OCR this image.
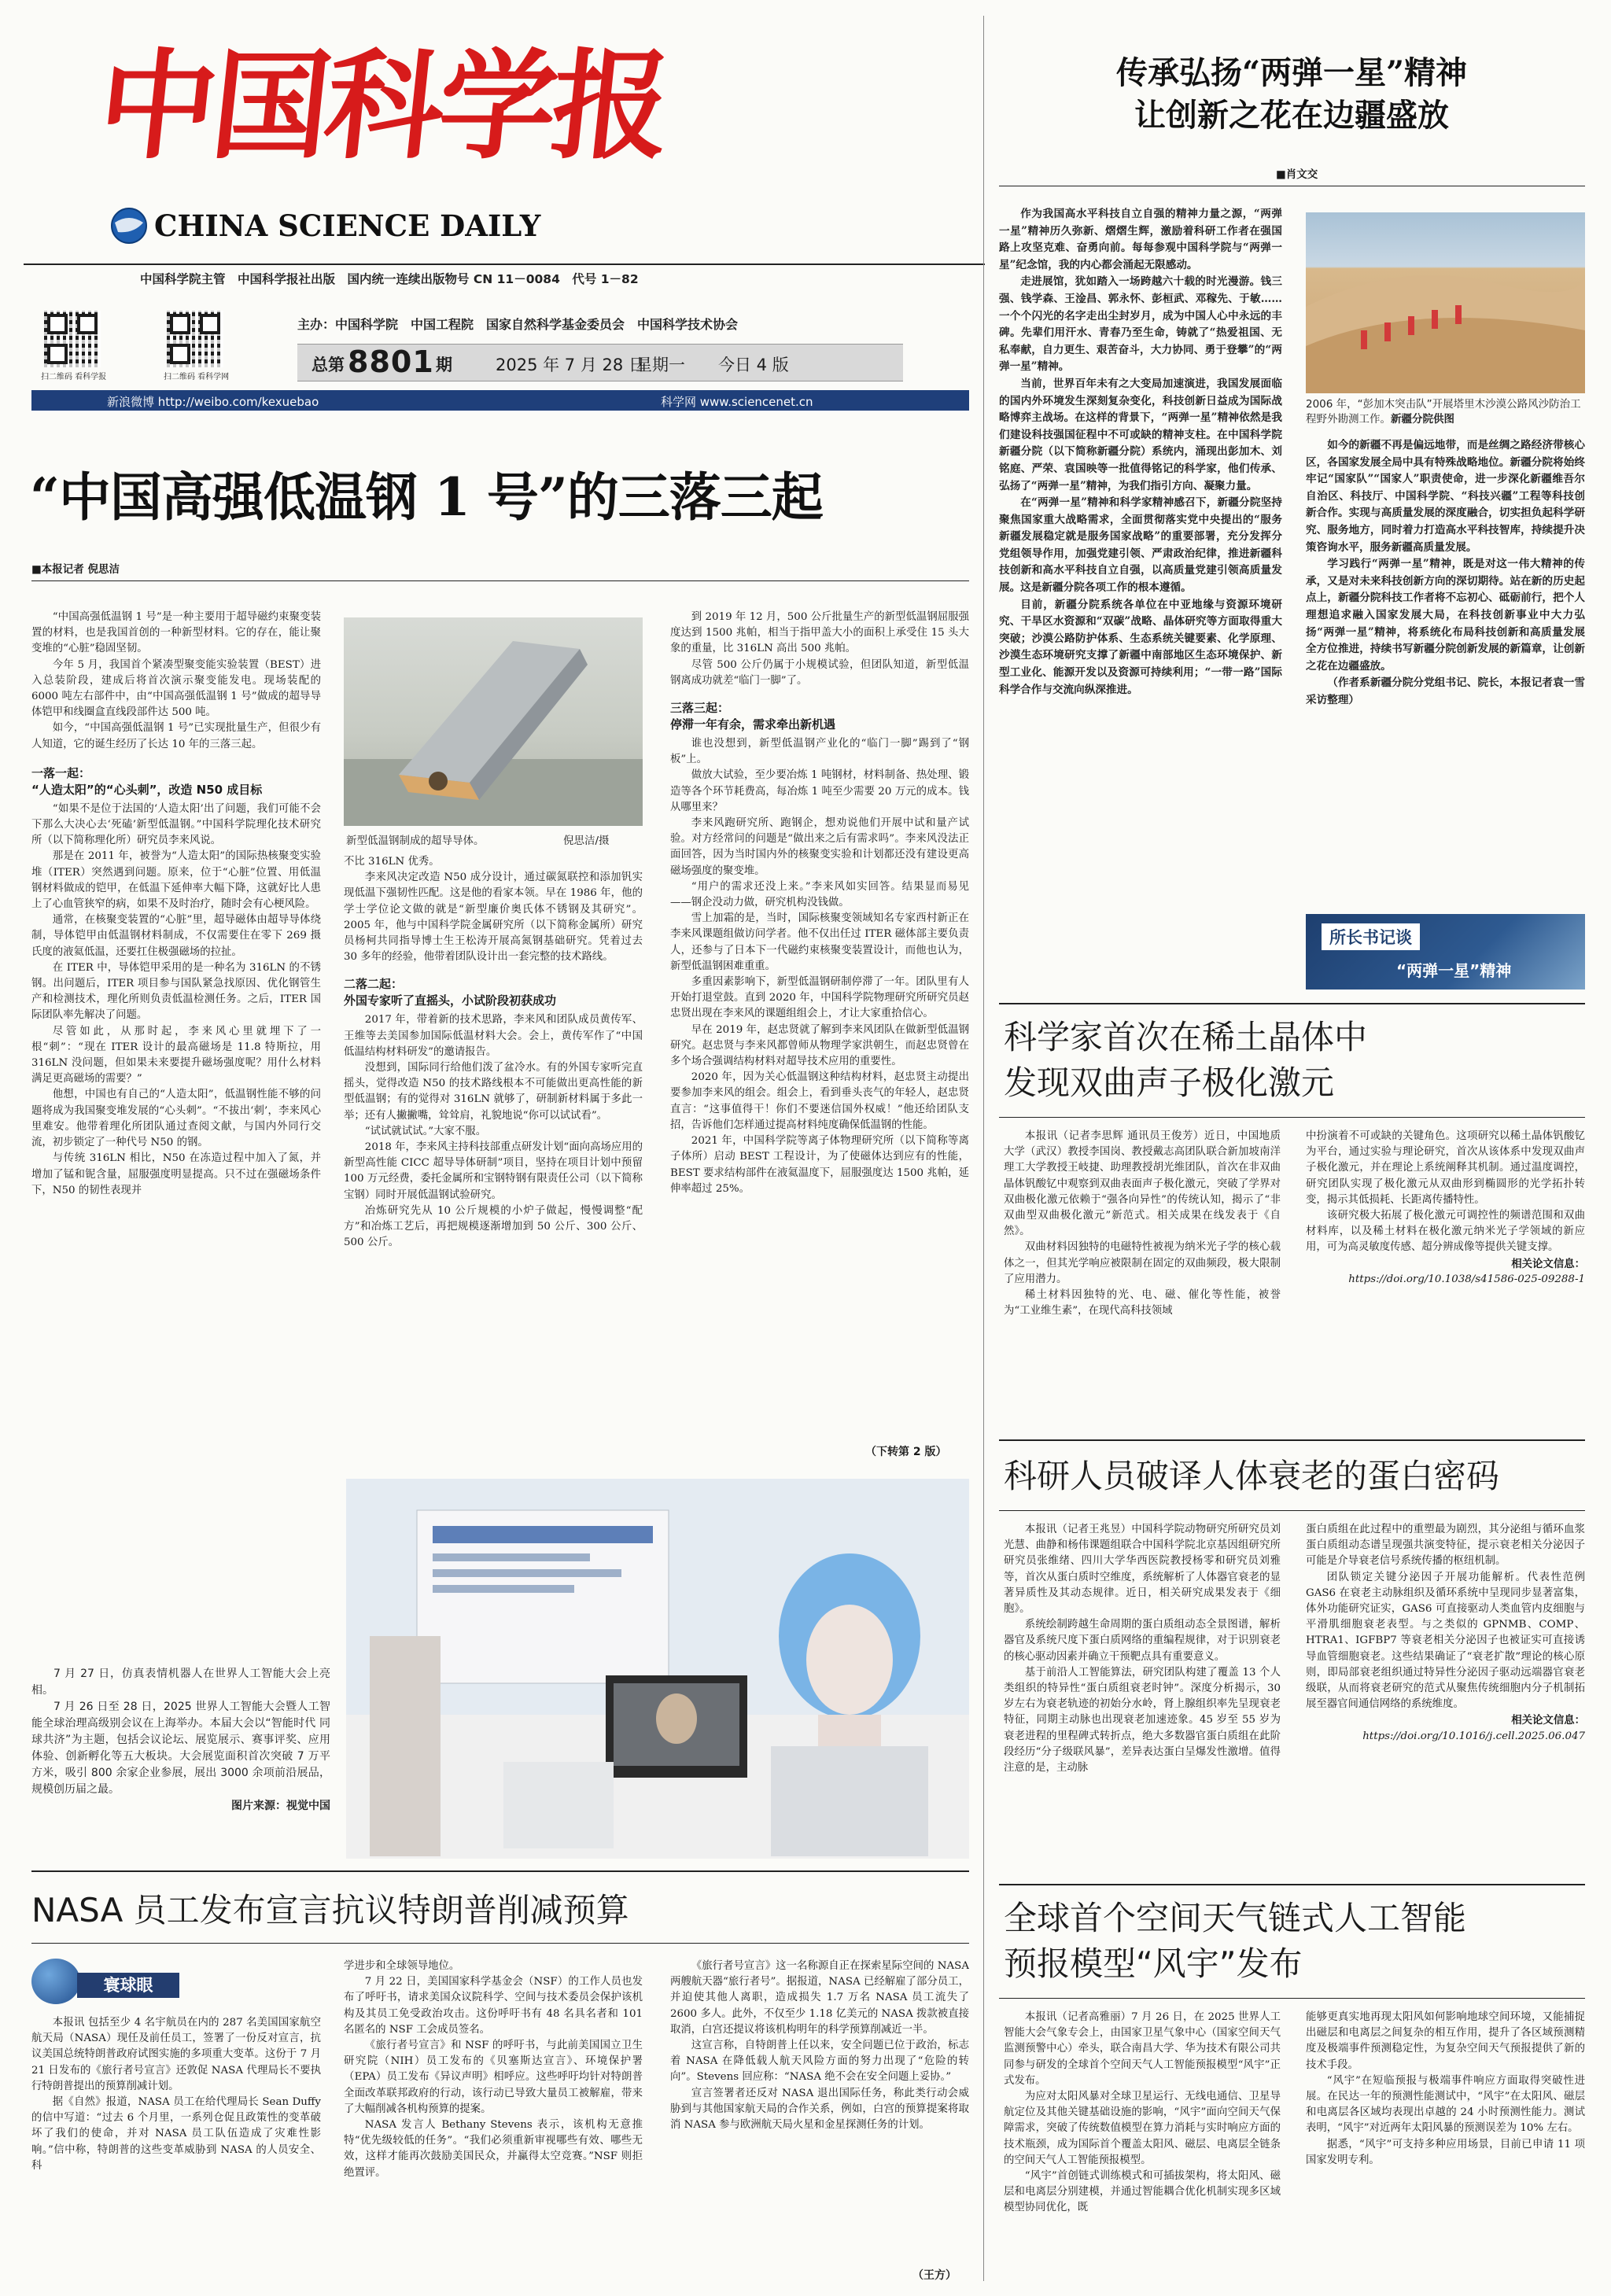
中国科学报
CHINA SCIENCE DAILY
中国科学院主管　中国科学报社出版　国内统一连续出版物号 CN 11－0084　代号 1－82
扫二维码 看科学报	扫二维码 看科学网
主办：中国科学院　中国工程院　国家自然科学基金委员会　中国科学技术协会
总第 8801 期	2025 年 7 月 28 日
星期一 今日 4 版
新浪微博 http://weibo.com/kexuebao	科学网 www.sciencenet.cn
“中国高强低温钢 1 号”的三落三起
■本报记者 倪思洁

“中国高强低温钢 1 号”是一种主要用于超导磁约束聚变装置的材料，也是我国首创的一种新型材料。它的存在，能让聚变堆的“心脏”稳固坚韧。

今年 5 月，我国首个紧凑型聚变能实验装置（BEST）进入总装阶段，建成后将首次演示聚变能发电。现场装配的 6000 吨左右部件中，由“中国高强低温钢 1 号”做成的超导导体铠甲和线圈盒直线段部件达 500 吨。

如今，“中国高强低温钢 1 号”已实现批量生产，但很少有人知道，它的诞生经历了长达 10 年的三落三起。

一落一起：
“人造太阳”的“心头刺”，改造 N50 成目标

“如果不是位于法国的‘人造太阳’出了问题，我们可能不会下那么大决心去‘死磕’新型低温钢。”中国科学院理化技术研究所（以下简称理化所）研究员李来风说。

那是在 2011 年，被誉为“人造太阳”的国际热核聚变实验堆（ITER）突然遇到问题。原来，位于“心脏”位置、用低温钢材料做成的铠甲，在低温下延伸率大幅下降，这就好比人患上了心血管狭窄的病，如果不及时治疗，随时会有心梗风险。

通常，在核聚变装置的“心脏”里，超导磁体由超导导体绕制，导体铠甲由低温钢材料制成，不仅需要住在零下 269 摄氏度的液氦低温，还要扛住极强磁场的拉扯。

在 ITER 中，导体铠甲采用的是一种名为 316LN 的不锈钢。出问题后，ITER 项目参与国队紧急找原因、优化钢管生产和检测技术，理化所则负责低温检测任务。之后，ITER 国际团队率先解决了问题。

尽管如此，从那时起，李来风心里就埋下了一根“刺”：“现在 ITER 设计的最高磁场是 11.8 特斯拉，用 316LN 没问题，但如果未来要提升磁场强度呢？用什么材料满足更高磁场的需要？”

他想，中国也有自己的“人造太阳”，低温钢性能不够的问题将成为我国聚变堆发展的“心头刺”。“不拔出‘刺’，李来风心里难安。他带着理化所团队通过查阅文献，与国内外同行交流，初步锁定了一种代号 N50 的钢。

与传统 316LN 相比，N50 在冻造过程中加入了氮，并增加了锰和铌含量，屈服强度明显提高。只不过在强磁场条件下，N50 的韧性表现并

新型低温钢制成的超导导体。	倪思洁/摄

不比 316LN 优秀。

李来风决定改造 N50 成分设计，通过碳氮联控和添加钒实现低温下强韧性匹配。这是他的看家本领。早在 1986 年，他的学士学位论文做的就是“新型廉价奥氏体不锈钢及其研究”。2005 年，他与中国科学院金属研究所（以下简称金属所）研究员杨柯共同指导博士生王松涛开展高氮钢基础研究。凭着过去 30 多年的经验，他带着团队设计出一套完整的技术路线。

二落二起：
外国专家听了直摇头，小试阶段初获成功

2017 年，带着新的技术思路，李来风和团队成员黄传军、王维等去美国参加国际低温材料大会。会上，黄传军作了“中国低温结构材料研发”的邀请报告。

没想到，国际同行给他们泼了盆冷水。有的外国专家听完直摇头，觉得改造 N50 的技术路线根本不可能做出更高性能的新型低温钢；有的觉得对 316LN 就够了，研制新材料属于多此一举；还有人撇撇嘴，耸耸肩，礼貌地说“你可以试试看”。

“试试就试试。”大家不服。

2018 年，李来风主持科技部重点研发计划“面向高场应用的新型高性能 CICC 超导导体研制”项目，坚持在项目计划中预留 100 万元经费，委托金属所和宝钢特钢有限责任公司（以下简称宝钢）同时开展低温钢试验研究。

冶炼研究先从 10 公斤规模的小炉子做起，慢慢调整“配方”和冶炼工艺后，再把规模逐渐增加到 50 公斤、300 公斤、500 公斤。

到 2019 年 12 月，500 公斤批量生产的新型低温钢屈服强度达到 1500 兆帕，相当于指甲盖大小的面积上承受住 15 头大象的重量，比 316LN 高出 500 兆帕。

尽管 500 公斤仍属于小规模试验，但团队知道，新型低温钢离成功就差“临门一脚”了。

三落三起：
停滞一年有余，需求牵出新机遇

谁也没想到，新型低温钢产业化的“临门一脚”踢到了“钢板”上。

做放大试验，至少要冶炼 1 吨钢材，材料制备、热处理、锻造等各个环节耗费高，每冶炼 1 吨至少需要 20 万元的成本。钱从哪里来？

李来风跑研究所、跑钢企，想劝说他们开展中试和量产试验。对方经常问的问题是“做出来之后有需求吗”。李来风没法正面回答，因为当时国内外的核聚变实验和计划都还没有建设更高磁场强度的聚变堆。

“用户的需求还没上来。”李来风如实回答。结果显而易见——钢企没动力做，研究机构没钱做。

雪上加霜的是，当时，国际核聚变领域知名专家西村新正在李来风课题组做访问学者。他不仅出任过 ITER 磁体部主要负责人，还参与了日本下一代磁约束核聚变装置设计，而他也认为，新型低温钢困难重重。

多重因素影响下，新型低温钢研制停滞了一年。团队里有人开始打退堂鼓。直到 2020 年，中国科学院物理研究所研究员赵忠贤出现在李来风的课题组组会上，才让大家重拾信心。

早在 2019 年，赵忠贤就了解到李来风团队在做新型低温钢研究。赵忠贤与李来风都曾师从物理学家洪朝生，而赵忠贤曾在多个场合强调结构材料对超导技术应用的重要性。

2020 年，因为关心低温钢这种结构材料，赵忠贤主动提出要参加李来风的组会。组会上，看到垂头丧气的年轻人，赵忠贤直言：“这事值得干！你们不要迷信国外权威！”他还给团队支招，告诉他们怎样通过提高材料纯度确保低温钢的性能。

2021 年，中国科学院等离子体物理研究所（以下简称等离子体所）启动 BEST 工程设计，为了使磁体达到应有的性能，BEST 要求结构部件在液氦温度下，屈服强度达 1500 兆帕，延伸率超过 25%。

（下转第 2 版）
7 月 27 日，仿真表情机器人在世界人工智能大会上亮相。
7 月 26 日至 28 日，2025 世界人工智能大会暨人工智能全球治理高级别会议在上海举办。本届大会以“智能时代 同球共济”为主题，包括会议论坛、展览展示、赛事评奖、应用体验、创新孵化等五大板块。大会展览面积首次突破 7 万平方米，吸引 800 余家企业参展，展出 3000 余项前沿展品，规模创历届之最。
图片来源：视觉中国
NASA 员工发布宣言抗议特朗普削减预算
寰球眼

本报讯 包括至少 4 名宇航员在内的 287 名美国国家航空航天局（NASA）现任及前任员工，签署了一份反对宣言，抗议美国总统特朗普政府试图实施的多项重大变革。这份于 7 月 21 日发布的《旅行者号宣言》还敦促 NASA 代理局长不要执行特朗普提出的预算削减计划。

据《自然》报道，NASA 员工在给代理局长 Sean Duffy 的信中写道：“过去 6 个月里，一系列仓促且政策性的变革破坏了我们的使命，并对 NASA 员工队伍造成了灾难性影响。”信中称，特朗普的这些变革威胁到 NASA 的人员安全、科

学进步和全球领导地位。

7 月 22 日，美国国家科学基金会（NSF）的工作人员也发布了呼吁书，请求美国众议院科学、空间与技术委员会保护该机构及其员工免受政治攻击。这份呼吁书有 48 名具名者和 101 名匿名的 NSF 工会成员签名。

《旅行者号宣言》和 NSF 的呼吁书，与此前美国国立卫生研究院（NIH）员工发布的《贝塞斯达宣言》、环境保护署（EPA）员工发布《异议声明》相呼应。这些呼吁均针对特朗普全面改革联邦政府的行动，该行动已导致大量员工被解雇，带来了大幅削减各机构预算的提案。

NASA 发言人 Bethany Stevens 表示，该机构无意推特“优先级较低的任务”。“我们必须重新审视哪些有效、哪些无效，这样才能再次鼓励美国民众，并赢得太空竞赛。”NSF 则拒绝置评。

《旅行者号宣言》这一名称源自正在探索星际空间的 NASA 两艘航天器“旅行者号”。据报道，NASA 已经解雇了部分员工，并迫使其他人离职，造成损失 1.7 万名 NASA 员工流失了 2600 多人。此外，不仅至少 1.18 亿美元的 NASA 拨款被直接取消，白宫还提议将该机构明年的科学预算削减近一半。

这宣言称，自特朗普上任以来，安全问题已位于政治，标志着 NASA 在降低载人航天风险方面的努力出现了“危险的转向”。Stevens 回应称：“NASA 绝不会在安全问题上妥协。”

宣言签署者还反对 NASA 退出国际任务，称此类行动会威胁到与其他国家航天局的合作关系，例如，白宫的预算提案将取消 NASA 参与欧洲航天局火星和金星探测任务的计划。

（王方）
传承弘扬“两弹一星”精神
让创新之花在边疆盛放
■肖文交

作为我国高水平科技自立自强的精神力量之源，“两弹一星”精神历久弥新、熠熠生辉，激励着科研工作者在强国路上攻坚克难、奋勇向前。每每参观中国科学院与“两弹一星”纪念馆，我的内心都会涌起无限感动。

走进展馆，犹如踏入一场跨越六十载的时光漫游。钱三强、钱学森、王淦昌、郭永怀、彭桓武、邓稼先、于敏……一个个闪光的名字走出尘封岁月，成为中国人心中永远的丰碑。先辈们用汗水、青春乃至生命，铸就了“热爱祖国、无私奉献，自力更生、艰苦奋斗，大力协同、勇于登攀”的“两弹一星”精神。

当前，世界百年未有之大变局加速演进，我国发展面临的国内外环境发生深刻复杂变化，科技创新日益成为国际战略博弈主战场。在这样的背景下，“两弹一星”精神依然是我们建设科技强国征程中不可或缺的精神支柱。在中国科学院新疆分院（以下简称新疆分院）系统内，涌现出彭加木、刘铭庭、严荣、袁国映等一批值得铭记的科学家，他们传承、弘扬了“两弹一星”精神，为我们指引方向、凝聚力量。

在“两弹一星”精神和科学家精神感召下，新疆分院坚持聚焦国家重大战略需求，全面贯彻落实党中央提出的“服务新疆发展稳定就是服务国家战略”的重要部署，充分发挥分党组领导作用，加强党建引领、严肃政治纪律，推进新疆科技创新和高水平科技自立自强，以高质量党建引领高质量发展。这是新疆分院各项工作的根本遵循。

目前，新疆分院系统各单位在中亚地缘与资源环境研究、干旱区水资源和“双碳”战略、晶体研究等方面取得重大突破；沙漠公路防护体系、生态系统关键要素、化学原理、沙漠生态环境研究支撑了新疆中南部地区生态环境保护、新型工业化、能源开发以及资源可持续利用；“一带一路”国际科学合作与交流向纵深推进。

2006 年，“彭加木突击队”开展塔里木沙漠公路风沙防治工程野外勘测工作。新疆分院供图

如今的新疆不再是偏远地带，而是丝绸之路经济带核心区，各国家发展全局中具有特殊战略地位。新疆分院将始终牢记“国家队”“国家人”职责使命，进一步深化新疆维吾尔自治区、科技厅、中国科学院、“科技兴疆”工程等科技创新合作。实现与高质量发展的深度融合，切实担负起科学研究、服务地方，同时着力打造高水平科技智库，持续提升决策咨询水平，服务新疆高质量发展。

学习践行“两弹一星”精神，既是对这一伟大精神的传承，又是对未来科技创新方向的深切期待。站在新的历史起点上，新疆分院科技工作者将不忘初心、砥砺前行，把个人理想追求融入国家发展大局，在科技创新事业中大力弘扬“两弹一星”精神，将系统化布局科技创新和高质量发展全方位推进，持续书写新疆分院创新发展的新篇章，让创新之花在边疆盛放。

（作者系新疆分院分党组书记、院长，本报记者袁一雪采访整理）

所长书记谈
“两弹一星”精神
科学家首次在稀土晶体中
发现双曲声子极化激元

本报讯（记者李思辉 通讯员王俊芳）近日，中国地质大学（武汉）教授李国岗、教授戴志高团队联合新加坡南洋理工大学教授王岐捷、助理教授胡光维团队，首次在非双曲晶体钒酸钇中观察到双曲表面声子极化激元，突破了学界对双曲极化激元依赖于“强各向异性”的传统认知，揭示了“非双曲型双曲极化激元”新范式。相关成果在线发表于《自然》。

双曲材料因独特的电磁特性被视为纳米光子学的核心载体之一，但其光学响应被限制在固定的双曲频段，极大限制了应用潜力。

稀土材料因独特的光、电、磁、催化等性能，被誉为“工业维生素”，在现代高科技领域

中扮演着不可或缺的关键角色。这项研究以稀土晶体钒酸钇为平台，通过实验与理论研究，首次从该体系中发现双曲声子极化激元，并在理论上系统阐释其机制。通过温度调控，研究团队实现了极化激元从双曲形到椭圆形的光学拓扑转变，揭示其低损耗、长距离传播特性。

该研究极大拓展了极化激元可调控性的频谱范围和双曲材料库，以及稀土材料在极化激元纳米光子学领域的新应用，可为高灵敏度传感、超分辨成像等提供关键支撑。

相关论文信息：
https://doi.org/10.1038/s41586-025-09288-1
科研人员破译人体衰老的蛋白密码

本报讯（记者王兆昱）中国科学院动物研究所研究员刘光慧、曲静和杨伟课题组联合中国科学院北京基因组研究所研究员张维绪、四川大学华西医院教授杨零和研究员刘雅等，首次从蛋白质时空维度，系统解析了人体器官衰老的显著异质性及其动态规律。近日，相关研究成果发表于《细胞》。

系统绘制跨越生命周期的蛋白质组动态全景图谱，解析器官及系统尺度下蛋白质网络的重编程规律，对于识别衰老的核心驱动因素并确立干预靶点具有重要意义。

基于前沿人工智能算法，研究团队构建了覆盖 13 个人类组织的特异性“蛋白质组衰老时钟”。深度分析揭示，30 岁左右为衰老轨迹的初始分水岭，肾上腺组织率先呈现衰老特征，同期主动脉也出现衰老加速迹象。45 岁至 55 岁为衰老进程的里程碑式转折点，绝大多数器官蛋白质组在此阶段经历“分子级联风暴”，差异表达蛋白呈爆发性激增。值得注意的是，主动脉

蛋白质组在此过程中的重塑最为剧烈，其分泌组与循环血浆蛋白质组动态谱呈现强共演变特征，提示衰老相关分泌因子可能是介导衰老信号系统传播的枢纽机制。

团队锁定关键分泌因子开展功能解析。代表性范例 GAS6 在衰老主动脉组织及循环系统中呈现同步显著富集，体外功能研究证实，GAS6 可直接驱动人类血管内皮细胞与平滑肌细胞衰老表型。与之类似的 GPNMB、COMP、HTRA1、IGFBP7 等衰老相关分泌因子也被证实可直接诱导血管细胞衰老。这些结果确证了“衰老扩散”理论的核心原则，即局部衰老组织通过特异性分泌因子驱动远端器官衰老级联，从而将衰老研究的范式从聚焦传统细胞内分子机制拓展至器官间通信网络的系统维度。

相关论文信息：
https://doi.org/10.1016/j.cell.2025.06.047
全球首个空间天气链式人工智能
预报模型“风宇”发布

本报讯（记者高雅丽）7 月 26 日，在 2025 世界人工智能大会气象专会上，由国家卫星气象中心（国家空间天气监测预警中心）牵头，联合南昌大学、华为技术有限公司共同参与研发的全球首个空间天气人工智能预报模型“风宇”正式发布。

为应对太阳风暴对全球卫星运行、无线电通信、卫星导航定位及其他关键基础设施的影响，“风宇”面向空间天气保障需求，突破了传统数值模型在算力消耗与实时响应方面的技术瓶颈，成为国际首个覆盖太阳风、磁层、电离层全链条的空间天气人工智能预报模型。

“风宇”首创链式训练模式和可插拔架构，将太阳风、磁层和电离层分别建模，并通过智能耦合优化机制实现多区域模型协同优化，既

能够更真实地再现太阳风如何影响地球空间环境，又能捕捉出磁层和电离层之间复杂的相互作用，提升了各区域预测精度及极端事件预测稳定性，为复杂空间天气预报提供了新的技术手段。

“风宇”在短临预报与极端事件响应方面取得突破性进展。在民达一年的预测性能测试中，“风宇”在太阳风、磁层和电离层各区域均表现出卓越的 24 小时预测性能力。测试表明，“风宇”对近两年太阳风暴的预测误差为 10% 左右。

据悉，“风宇”可支持多种应用场景，目前已申请 11 项国家发明专利。
